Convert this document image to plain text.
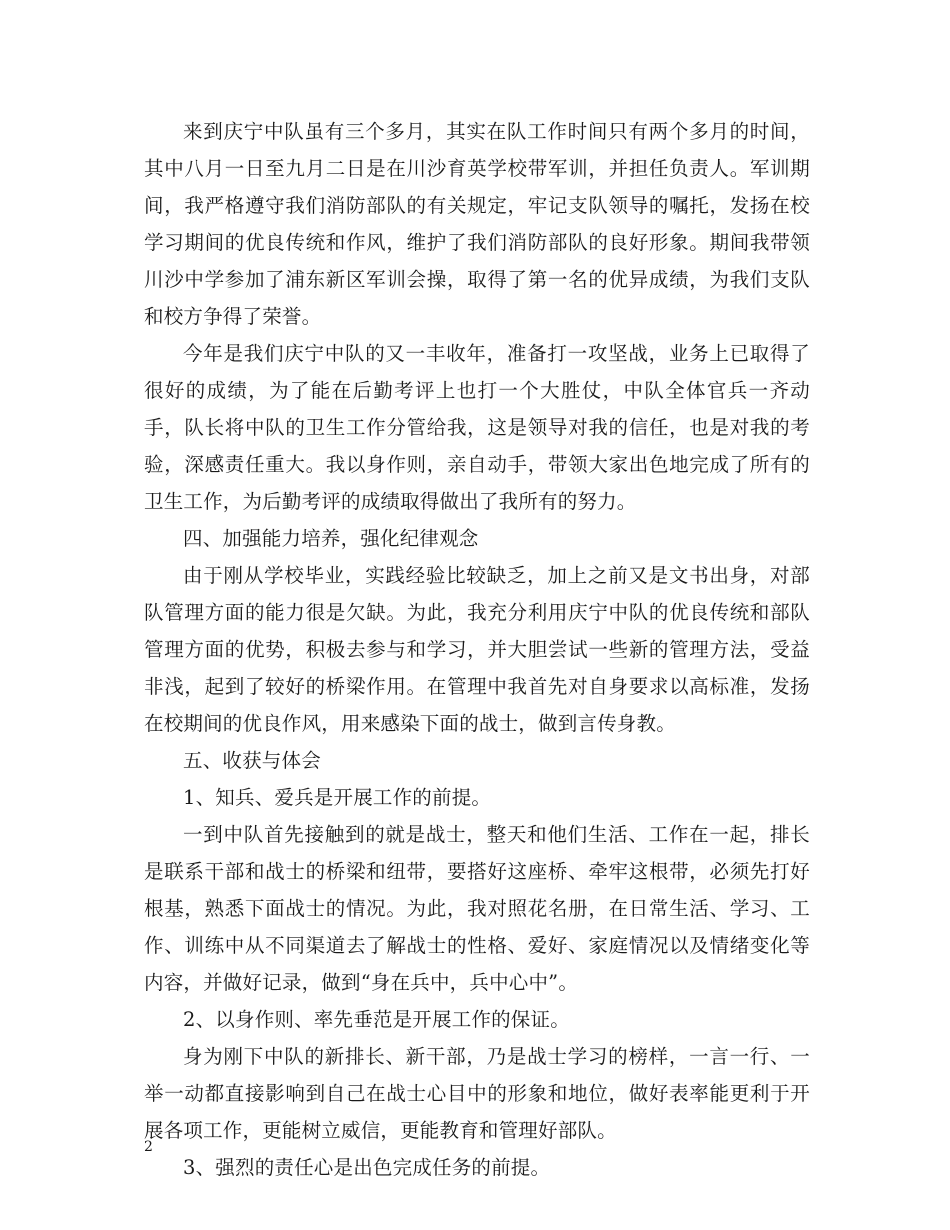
来到庆宁中队虽有三个多月，其实在队工作时间只有两个多月的时间，其中八月一日至九月二日是在川沙育英学校带军训，并担任负责人。军训期间，我严格遵守我们消防部队的有关规定，牢记支队领导的嘱托，发扬在校学习期间的优良传统和作风，维护了我们消防部队的良好形象。期间我带领川沙中学参加了浦东新区军训会操，取得了第一名的优异成绩，为我们支队和校方争得了荣誉。

今年是我们庆宁中队的又一丰收年，准备打一攻坚战，业务上已取得了很好的成绩，为了能在后勤考评上也打一个大胜仗，中队全体官兵一齐动手，队长将中队的卫生工作分管给我，这是领导对我的信任，也是对我的考验，深感责任重大。我以身作则，亲自动手，带领大家出色地完成了所有的卫生工作，为后勤考评的成绩取得做出了我所有的努力。

四、加强能力培养，强化纪律观念

由于刚从学校毕业，实践经验比较缺乏，加上之前又是文书出身，对部队管理方面的能力很是欠缺。为此，我充分利用庆宁中队的优良传统和部队管理方面的优势，积极去参与和学习，并大胆尝试一些新的管理方法，受益非浅，起到了较好的桥梁作用。在管理中我首先对自身要求以高标准，发扬在校期间的优良作风，用来感染下面的战士，做到言传身教。

五、收获与体会

1、知兵、爱兵是开展工作的前提。

一到中队首先接触到的就是战士，整天和他们生活、工作在一起，排长是联系干部和战士的桥梁和纽带，要搭好这座桥、牵牢这根带，必须先打好根基，熟悉下面战士的情况。为此，我对照花名册，在日常生活、学习、工作、训练中从不同渠道去了解战士的性格、爱好、家庭情况以及情绪变化等内容，并做好记录，做到“身在兵中，兵中心中”。

2、以身作则、率先垂范是开展工作的保证。

身为刚下中队的新排长、新干部，乃是战士学习的榜样，一言一行、一举一动都直接影响到自己在战士心目中的形象和地位，做好表率能更利于开展各项工作，更能树立威信，更能教育和管理好部队。

3、强烈的责任心是出色完成任务的前提。

2
